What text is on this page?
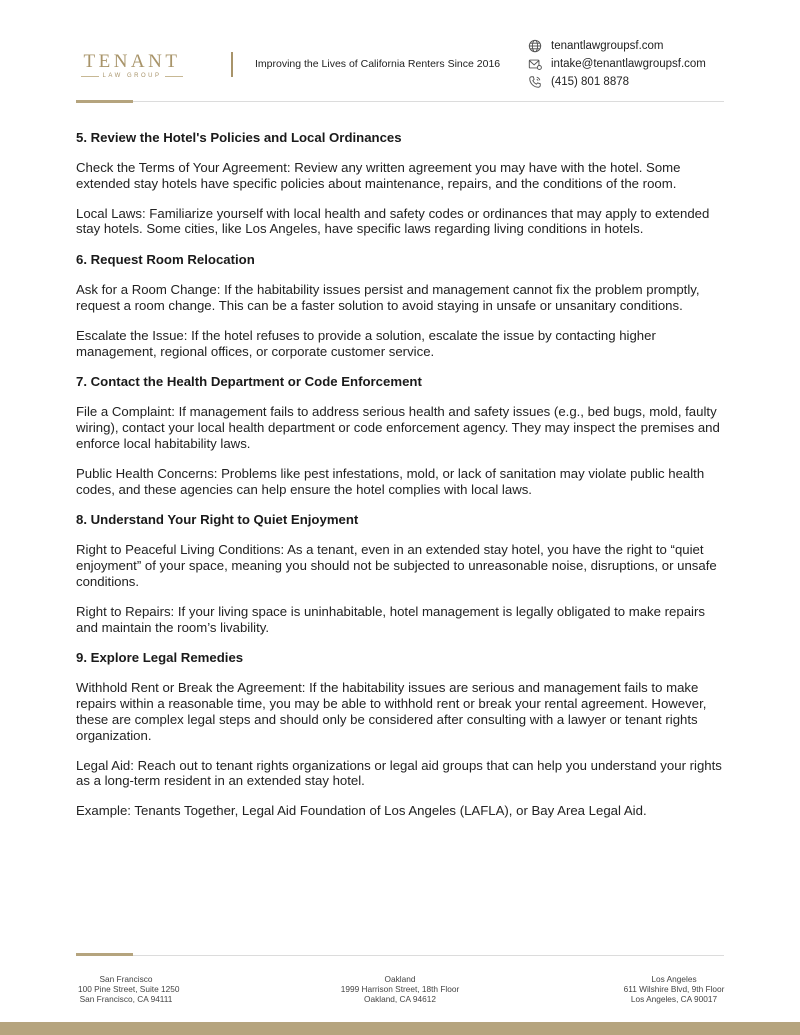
TENANT
LAW GROUP
Improving the Lives of California Renters Since 2016
tenantlawgroupsf.com
intake@tenantlawgroupsf.com
(415) 801 8878
5. Review the Hotel's Policies and Local Ordinances

Check the Terms of Your Agreement: Review any written agreement you may have with the hotel. Some extended stay hotels have specific policies about maintenance, repairs, and the conditions of the room.

Local Laws: Familiarize yourself with local health and safety codes or ordinances that may apply to extended stay hotels. Some cities, like Los Angeles, have specific laws regarding living conditions in hotels.

6. Request Room Relocation

Ask for a Room Change: If the habitability issues persist and management cannot fix the problem promptly, request a room change. This can be a faster solution to avoid staying in unsafe or unsanitary conditions.

Escalate the Issue: If the hotel refuses to provide a solution, escalate the issue by contacting higher management, regional offices, or corporate customer service.

7. Contact the Health Department or Code Enforcement

File a Complaint: If management fails to address serious health and safety issues (e.g., bed bugs, mold, faulty wiring), contact your local health department or code enforcement agency. They may inspect the premises and enforce local habitability laws.

Public Health Concerns: Problems like pest infestations, mold, or lack of sanitation may violate public health codes, and these agencies can help ensure the hotel complies with local laws.

8. Understand Your Right to Quiet Enjoyment

Right to Peaceful Living Conditions: As a tenant, even in an extended stay hotel, you have the right to “quiet enjoyment” of your space, meaning you should not be subjected to unreasonable noise, disruptions, or unsafe conditions.

Right to Repairs: If your living space is uninhabitable, hotel management is legally obligated to make repairs and maintain the room’s livability.

9. Explore Legal Remedies

Withhold Rent or Break the Agreement: If the habitability issues are serious and management fails to make repairs within a reasonable time, you may be able to withhold rent or break your rental agreement. However, these are complex legal steps and should only be considered after consulting with a lawyer or tenant rights organization.

Legal Aid: Reach out to tenant rights organizations or legal aid groups that can help you understand your rights as a long-term resident in an extended stay hotel.

Example: Tenants Together, Legal Aid Foundation of Los Angeles (LAFLA), or Bay Area Legal Aid.

San Francisco
100 Pine Street, Suite 1250
San Francisco, CA 94111
Oakland
1999 Harrison Street, 18th Floor
Oakland, CA 94612
Los Angeles
611 Wilshire Blvd, 9th Floor
Los Angeles, CA 90017
